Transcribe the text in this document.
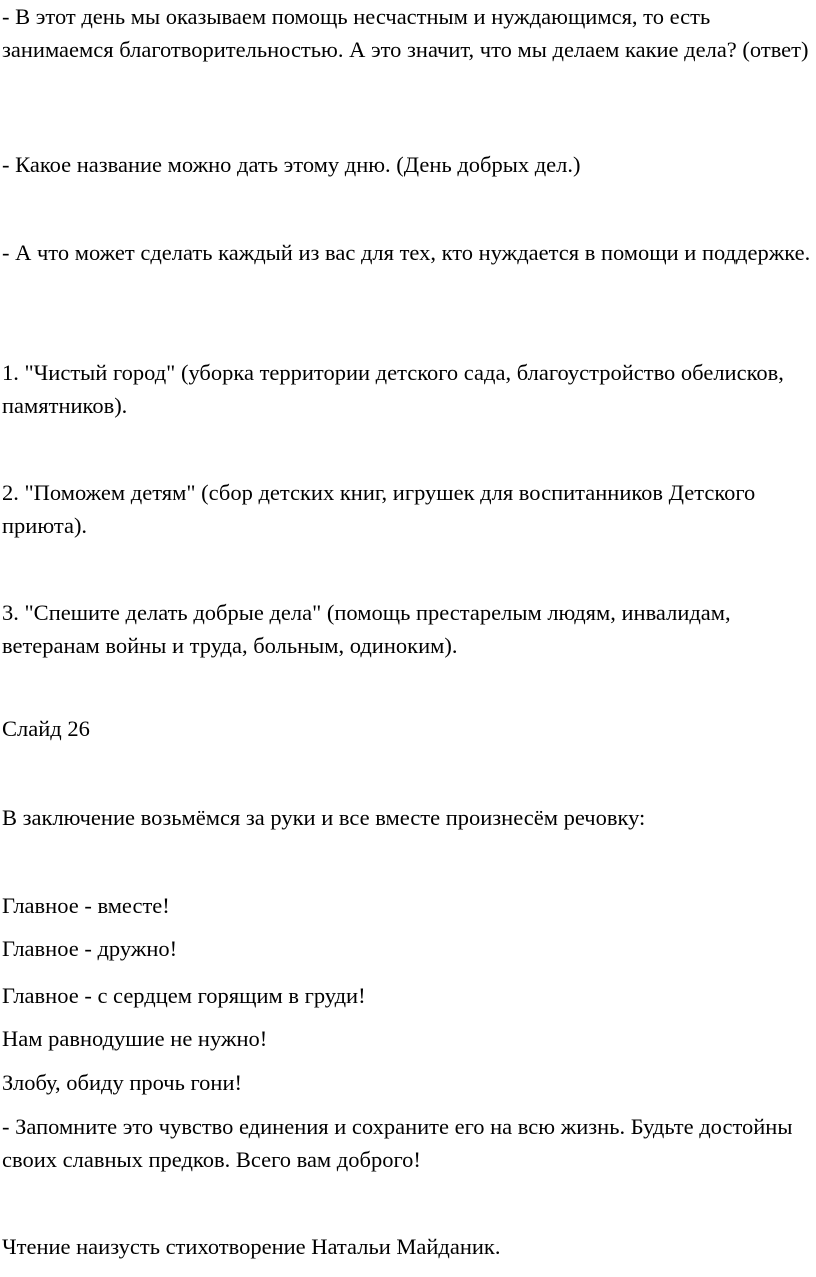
- В этот день мы оказываем помощь несчастным и нуждающимся, то есть занимаемся благотворительностью. А это значит, что мы делаем какие дела? (ответ)

- Какое название можно дать этому дню. (День добрых дел.)

- А что может сделать каждый из вас для тех, кто нуждается в помощи и поддержке.

1. "Чистый город" (уборка территории детского сада, благоустройство обелисков, памятников).

2. "Поможем детям" (сбор детских книг, игрушек для воспитанников Детского приюта).

3. "Спешите делать добрые дела" (помощь престарелым людям, инвалидам, ветеранам войны и труда, больным, одиноким).

Слайд 26

В заключение возьмёмся за руки и все вместе произнесём речовку:

Главное - вместе!

Главное - дружно!

Главное - с сердцем горящим в груди!

Нам равнодушие не нужно!

Злобу, обиду прочь гони!

- Запомните это чувство единения и сохраните его на всю жизнь. Будьте достойны своих славных предков. Всего вам доброго!

Чтение наизусть стихотворение Натальи Майданик.
